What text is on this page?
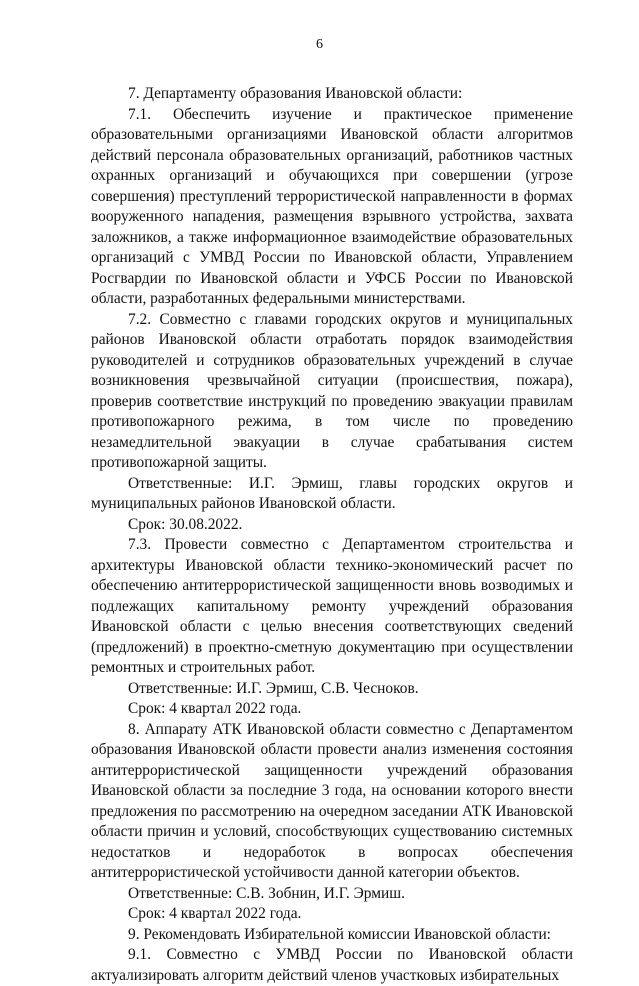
6

7. Департаменту образования Ивановской области:

7.1. Обеспечить изучение и практическое применение образовательными организациями Ивановской области алгоритмов действий персонала образовательных организаций, работников частных охранных организаций и обучающихся при совершении (угрозе совершения) преступлений террористической направленности в формах вооруженного нападения, размещения взрывного устройства, захвата заложников, а также информационное взаимодействие образовательных организаций с УМВД России по Ивановской области, Управлением Росгвардии по Ивановской области и УФСБ России по Ивановской области, разработанных федеральными министерствами.

7.2. Совместно с главами городских округов и муниципальных районов Ивановской области отработать порядок взаимодействия руководителей и сотрудников образовательных учреждений в случае возникновения чрезвычайной ситуации (происшествия, пожара), проверив соответствие инструкций по проведению эвакуации правилам противопожарного режима, в том числе по проведению незамедлительной эвакуации в случае срабатывания систем противопожарной защиты.

Ответственные: И.Г. Эрмиш, главы городских округов и муниципальных районов Ивановской области.

Срок: 30.08.2022.

7.3. Провести совместно с Департаментом строительства и архитектуры Ивановской области технико-экономический расчет по обеспечению антитеррористической защищенности вновь возводимых и подлежащих капитальному ремонту учреждений образования Ивановской области с целью внесения соответствующих сведений (предложений) в проектно-сметную документацию при осуществлении ремонтных и строительных работ.

Ответственные: И.Г. Эрмиш, С.В. Чесноков.

Срок: 4 квартал 2022 года.

8. Аппарату АТК Ивановской области совместно с Департаментом образования Ивановской области провести анализ изменения состояния антитеррористической защищенности учреждений образования Ивановской области за последние 3 года, на основании которого внести предложения по рассмотрению на очередном заседании АТК Ивановской области причин и условий, способствующих существованию системных недостатков и недоработок в вопросах обеспечения антитеррористической устойчивости данной категории объектов.

Ответственные: С.В. Зобнин, И.Г. Эрмиш.

Срок: 4 квартал 2022 года.

9. Рекомендовать Избирательной комиссии Ивановской области:

9.1. Совместно с УМВД России по Ивановской области актуализировать алгоритм действий членов участковых избирательных
